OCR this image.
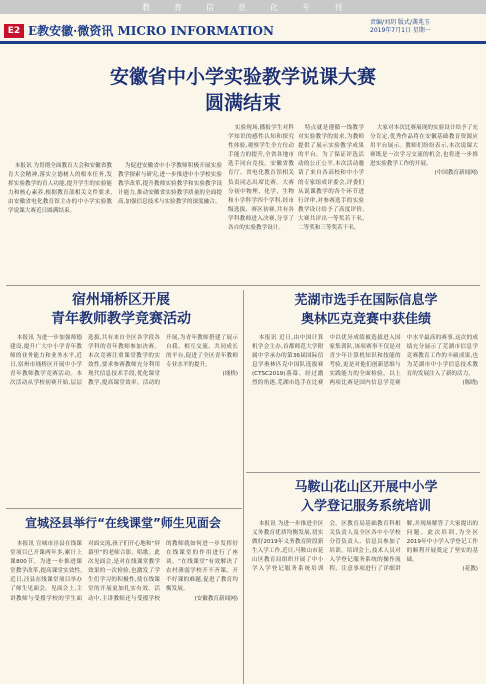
教	育	信	息	化	专	刊
E2 E教安徽·微资讯 MICRO INFORMATION
责编/刘玥 版式/龚兆玉
2019年7月1日 星期一
安徽省中小学实验教学说课大赛
圆满结束

本报讯 为贯彻全面教育大会和安徽省教育大会精神,落实立德树人的根本任务,发挥实验教学的育人功能,提升学生的实验能力和核心素养,根据教育部相关文件要求,由安徽省电化教育馆主办的中小学实验教学说课大赛近日圆满结束。

为促进安徽省中小学教师积极开展实验教学探索与研究,进一步推进中小学校实验教学改革,提升教师实验教学和实验教学设计能力,推动安徽省实验教学质量的全面提高,加强信息技术与实验教学的深度融合。

实验现场,播报学生对科学知识的感性认知和探究性体验,观察学生全方位动手能力的提升,全省各地市选手同台竞技。安徽省教育厅、省电化教育馆相关负责同志出席比赛。大赛分初中物理、化学、生物和小学科学四个学科,经市级选拔、赛区初赛,共有各学科教师进入决赛,分享了各自的实验教学设计。

特点就是遵循一线教学对实验教学的需求,为教师提供了展示实验教学成果的平台。为了保证评选活动的公正公平,本次活动邀请了来自各高校和中小学的专家组成评委会,评委们从说课教学的各个环节进行评审,对参赛选手的实验教学设计给予了高度评价,大赛共评出一等奖若干名,二等奖和三等奖若干名。

大家对本次比赛展现的实验设计给予了充分肯定,优秀作品将在安徽基础教育资源应用平台展示。教师们纷纷表示,本次说课大赛既是一次学习交流的机会,也将进一步推进实验教学工作的开展。

(中国教育新闻网)
宿州埇桥区开展
青年教师教学竞赛活动

本报讯 为进一步加强师德建设,提升广大中小学青年教师的业务能力和业务水平,近日,宿州市埇桥区开展中小学青年教师教学竞赛活动。本次活动从学校初赛开始,层层选拔,共有来自全区各学段各学科的青年教师参加决赛。本次竞赛注重课堂教学的实效性,要求参赛教师充分利用现代信息技术手段,优化课堂教学,提高课堂效率。活动的开展,为青年教师搭建了展示自我、相互交流、共同成长的平台,促进了全区青年教师专业水平的提升。

(埇桥)
芜湖市选手在国际信息学
奥林匹克竞赛中获佳绩

本报讯 近日,由中国计算机学会主办,首都师范大学附属中学承办的第36届国际信息学奥林匹克中国队选拔赛(CTSC2019)落幕。经过激烈的角逐,芜湖市选手在比赛中以优异成绩被选拔进入国家集训队,该项赛事不仅是对青少年计算机知识和技能的考验,更是对他们创新思维与实践能力的全面检验。以上两项比赛是国内信息学竞赛中水平最高的赛事,这次的成绩充分展示了芜湖市信息学竞赛教育工作的丰硕成果,也为芜湖市中小学信息技术教育的发展注入了新的活力。

(陈晓)
宣城泾县举行“在线课堂”师生见面会

本报讯 宣城市泾县在线课堂项目已开课两年多,累计上课800节。为进一步推进课堂教学改革,提高课堂实效性,近日,泾县在线课堂项目举办了师生见面会。见面会上,主讲教师与受援学校的学生面对面交流,孩子们开心地和“屏幕里”的老师合影、唱歌。此次见面会,是对在线课堂教学效果的一次检验,也激发了学生们学习的积极性,使在线课堂的开展更加扎实有效。活动中,主讲教师还与受援学校的教师就如何进一步发挥好在线课堂的作用进行了座谈。“在线课堂”有效解决了农村薄弱学校开不齐课、开不好课的难题,促进了教育均衡发展。

(安徽教育新闻网)
马鞍山花山区开展中小学
入学登记服务系统培训

本报讯 为进一步推进全区义务教育优质均衡发展,切实做好2019年义务教育阶段新生入学工作,近日,马鞍山市花山区教育局组织开展了中小学入学登记服务系统培训会。区教育局基础教育科相关负责人及全区各中小学校分管负责人、信息员参加了培训。培训会上,技术人员对入学登记服务系统的操作流程、注意事项进行了详细讲解,并现场解答了大家提出的问题。此次培训,为全区2019年中小学入学登记工作的顺利开展奠定了坚实的基础。

(花教)
